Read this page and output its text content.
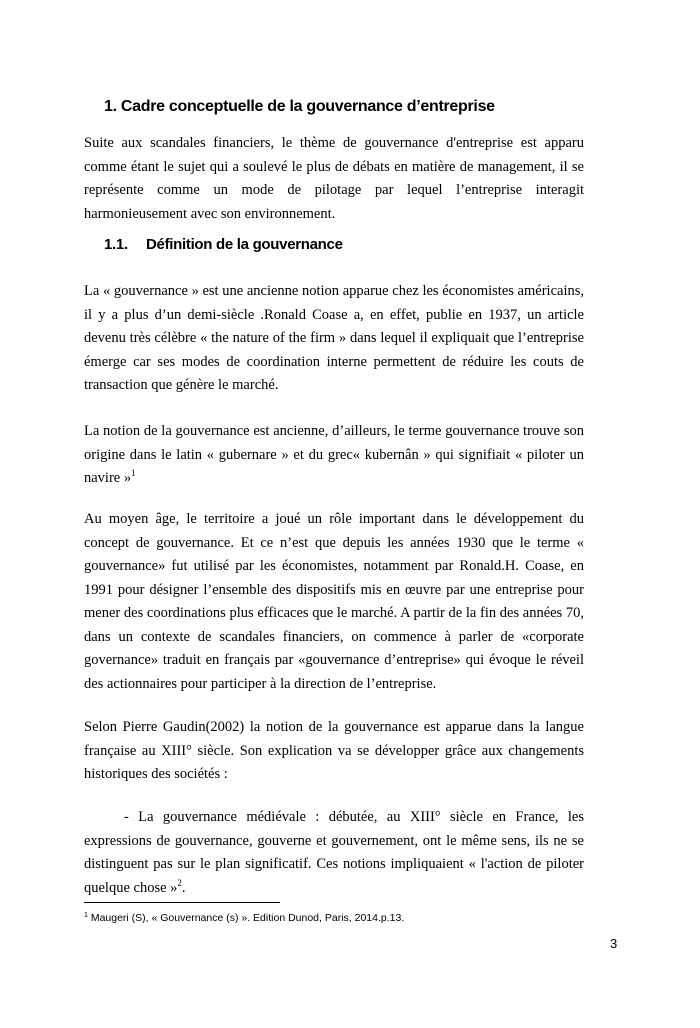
1. Cadre conceptuelle de la gouvernance d’entreprise

Suite aux scandales financiers, le thème de gouvernance d'entreprise est apparu comme étant le sujet qui a soulevé le plus de débats en matière de management, il se représente comme un mode de pilotage par lequel l’entreprise interagit harmonieusement avec son environnement.

1.1. Définition de la gouvernance

La « gouvernance » est une ancienne notion apparue chez les économistes américains, il y a plus d’un demi-siècle .Ronald Coase a, en effet, publie en 1937, un article devenu très célèbre « the nature of the firm » dans lequel il expliquait que l’entreprise émerge car ses modes de coordination interne permettent de réduire les couts de transaction que génère le marché.

La notion de la gouvernance est ancienne, d’ailleurs, le terme gouvernance trouve son origine dans le latin « gubernare » et du grec« kubernân » qui signifiait « piloter un navire »$^1$

Au moyen âge, le territoire a joué un rôle important dans le développement du concept de gouvernance. Et ce n’est que depuis les années 1930 que le terme « gouvernance» fut utilisé par les économistes, notamment par Ronald.H. Coase, en 1991 pour désigner l’ensemble des dispositifs mis en œuvre par une entreprise pour mener des coordinations plus efficaces que le marché. A partir de la fin des années 70, dans un contexte de scandales financiers, on commence à parler de «corporate governance» traduit en français par «gouvernance d’entreprise» qui évoque le réveil des actionnaires pour participer à la direction de l’entreprise.

Selon Pierre Gaudin(2002) la notion de la gouvernance est apparue dans la langue française au XIII° siècle. Son explication va se développer grâce aux changements historiques des sociétés :

- La gouvernance médiévale : débutée, au XIII° siècle en France, les expressions de gouvernance, gouverne et gouvernement, ont le même sens, ils ne se distinguent pas sur le plan significatif. Ces notions impliquaient « l'action de piloter quelque chose »$^2$.

$^1$ Maugeri (S), « Gouvernance (s) ». Edition Dunod, Paris, 2014.p.13.
3
